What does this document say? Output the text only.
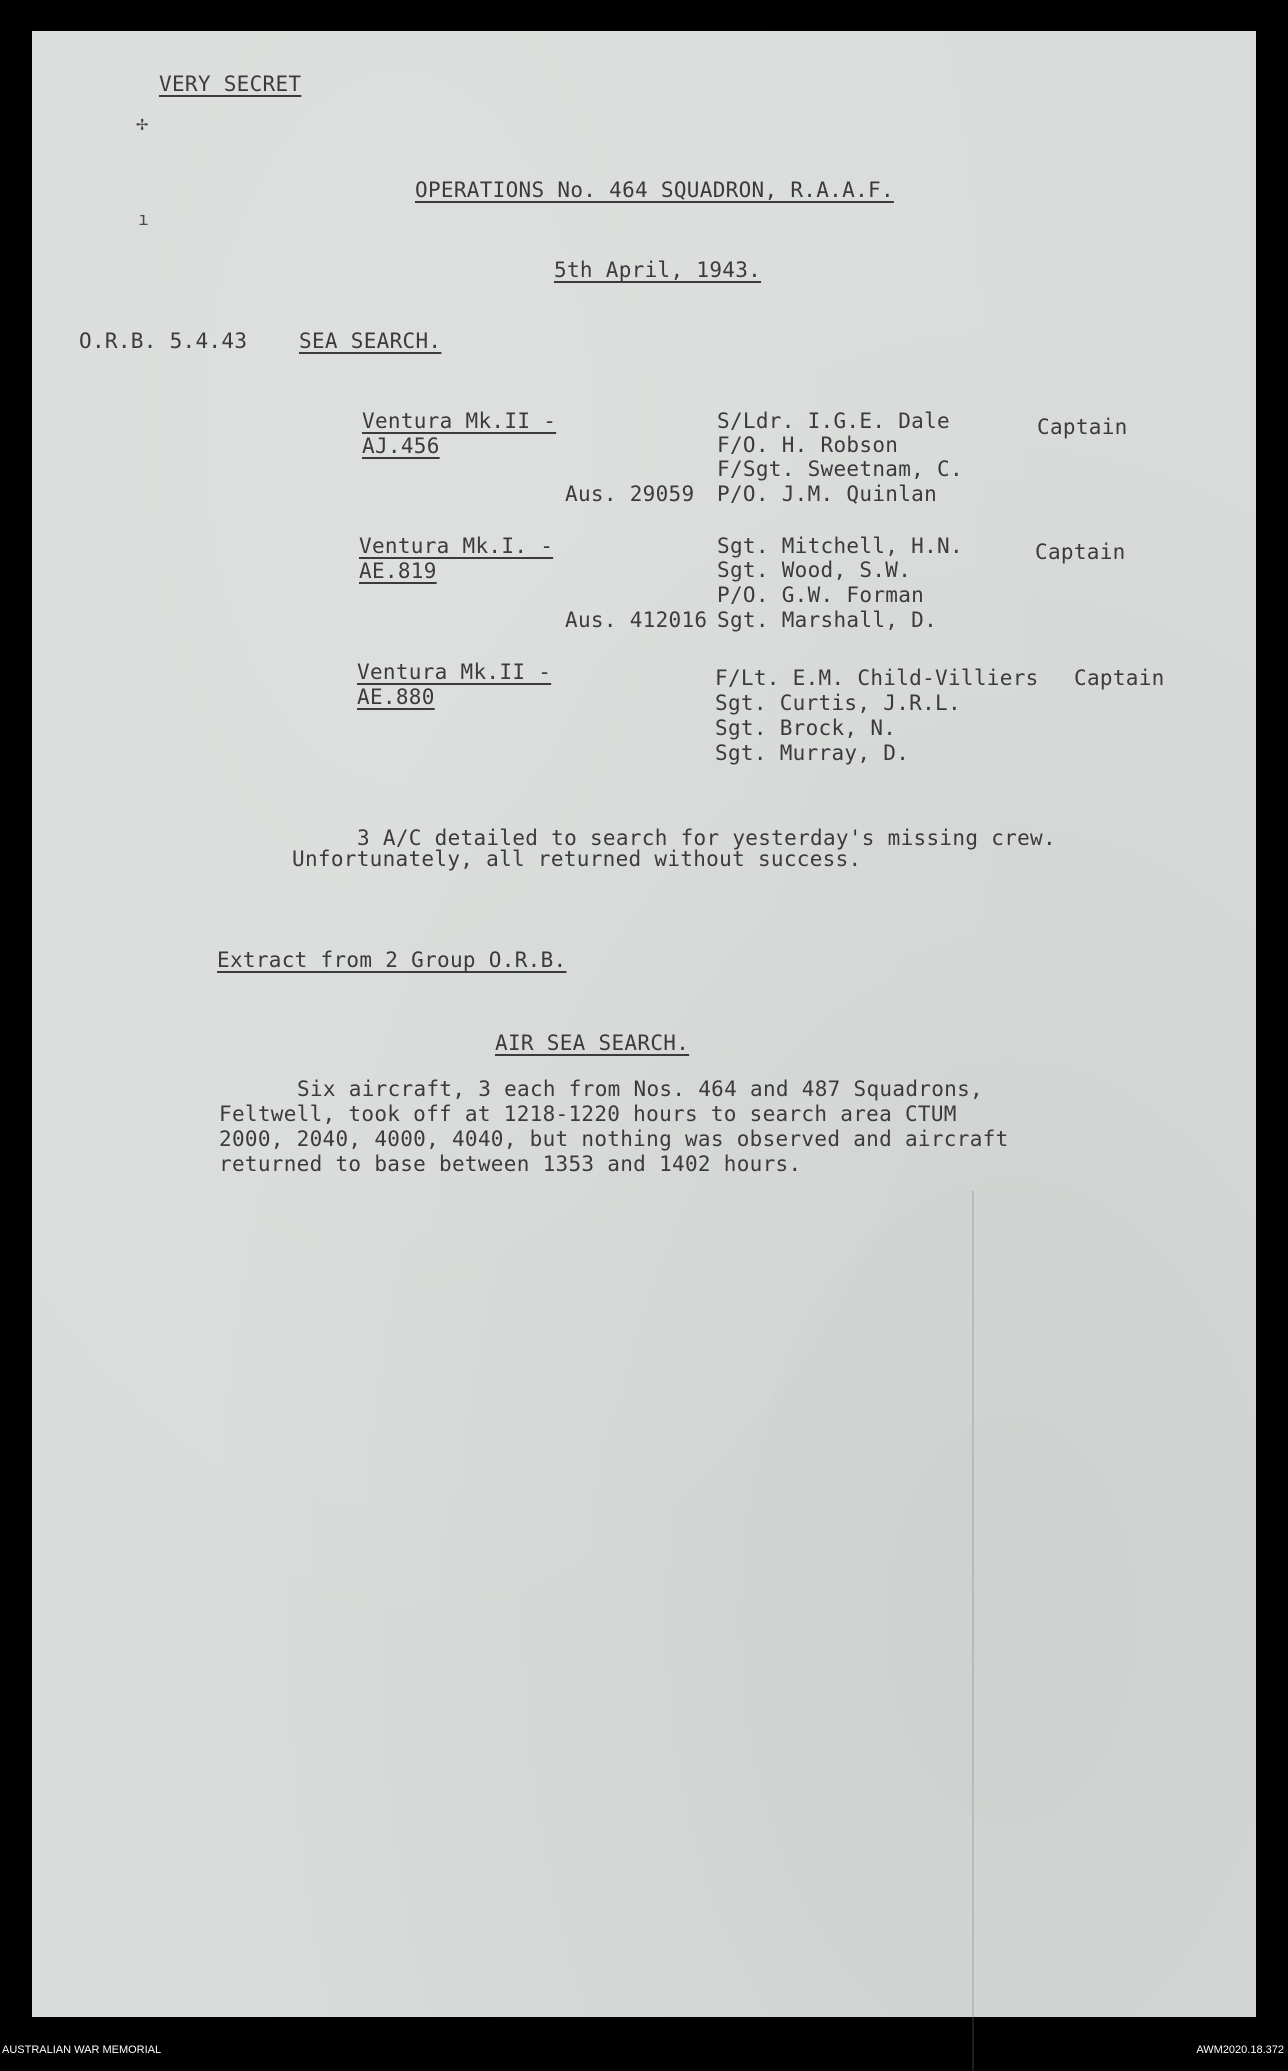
✢
ı
VERY SECRET
OPERATIONS No. 464 SQUADRON, R.A.A.F.
5th April, 1943.
O.R.B. 5.4.43 SEA SEARCH.
Ventura Mk.II -
AJ.456
Aus. 29059
S/Ldr. I.G.E. Dale
F/O. H. Robson
F/Sgt. Sweetnam, C.
P/O. J.M. Quinlan
Captain
Ventura Mk.I. -
AE.819
Aus. 412016
Sgt. Mitchell, H.N.
Sgt. Wood, S.W.
P/O. G.W. Forman
Sgt. Marshall, D.
Captain
Ventura Mk.II -
AE.880
F/Lt. E.M. Child-Villiers
Sgt. Curtis, J.R.L.
Sgt. Brock, N.
Sgt. Murray, D.
Captain
3 A/C detailed to search for yesterday's missing crew.
Unfortunately, all returned without success.
Extract from 2 Group O.R.B.
AIR SEA SEARCH.
Six aircraft, 3 each from Nos. 464 and 487 Squadrons,
Feltwell, took off at 1218-1220 hours to search area CTUM
2000, 2040, 4000, 4040, but nothing was observed and aircraft
returned to base between 1353 and 1402 hours.
AUSTRALIAN WAR MEMORIAL	AWM2020.18.372
